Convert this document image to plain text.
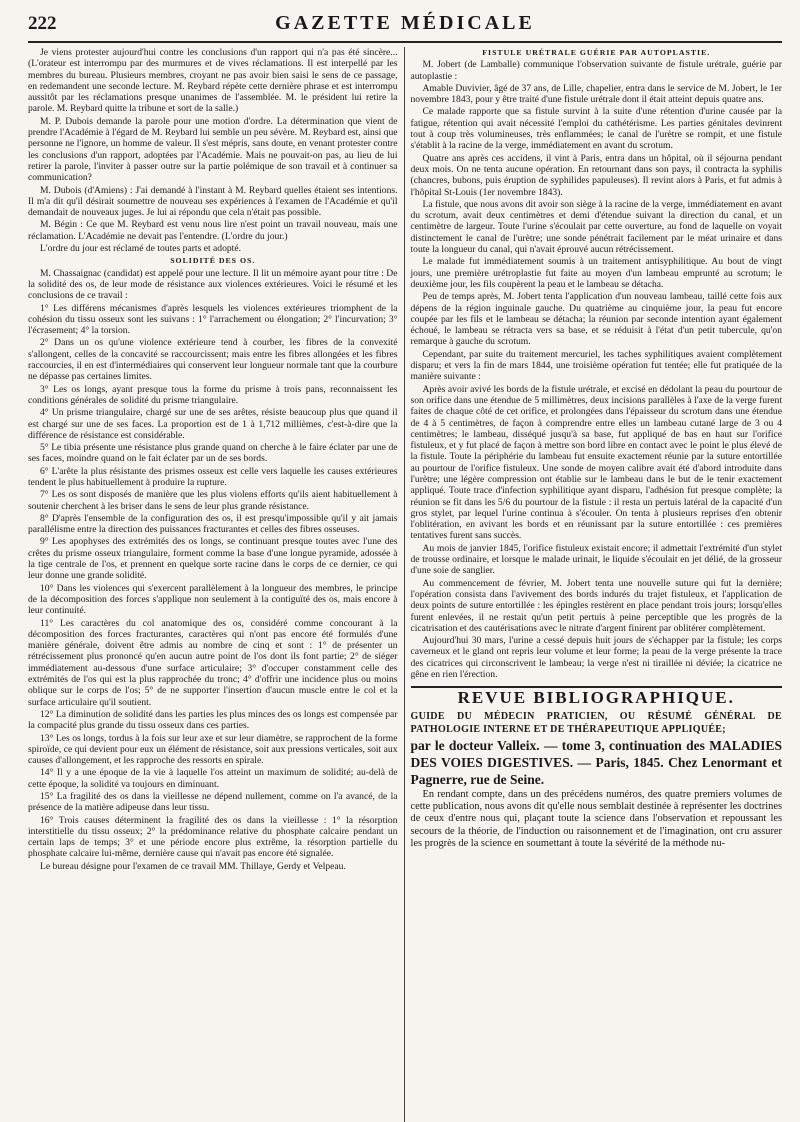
222	GAZETTE MÉDICALE

Je viens protester aujourd'hui contre les conclusions d'un rapport qui n'a pas été sincère... (L'orateur est interrompu par des murmures et de vives réclamations. Il est interpellé par les membres du bureau. Plusieurs membres, croyant ne pas avoir bien saisi le sens de ce passage, en redemandent une seconde lecture. M. Reybard répète cette dernière phrase et est interrompu aussitôt par les réclamations presque unanimes de l'assemblée. M. le président lui retire la parole. M. Reybard quitte la tribune et sort de la salle.)

M. P. Dubois demande la parole pour une motion d'ordre. La détermination que vient de prendre l'Académie à l'égard de M. Reybard lui semble un peu sévère. M. Reybard est, ainsi que personne ne l'ignore, un homme de valeur. Il s'est mépris, sans doute, en venant protester contre les conclusions d'un rapport, adoptées par l'Académie. Mais ne pouvait-on pas, au lieu de lui retirer la parole, l'inviter à passer outre sur la partie polémique de son travail et à continuer sa communication?

M. Dubois (d'Amiens) : J'ai demandé à l'instant à M. Reybard quelles étaient ses intentions. Il m'a dit qu'il désirait soumettre de nouveau ses expériences à l'examen de l'Académie et qu'il demandait de nouveaux juges. Je lui ai répondu que cela n'était pas possible.

M. Bégin : Ce que M. Reybard est venu nous lire n'est point un travail nouveau, mais une réclamation. L'Académie ne devait pas l'entendre. (L'ordre du jour.)

L'ordre du jour est réclamé de toutes parts et adopté.

SOLIDITÉ DES OS.

M. Chassaignac (candidat) est appelé pour une lecture. Il lit un mémoire ayant pour titre : De la solidité des os, de leur mode de résistance aux violences extérieures. Voici le résumé et les conclusions de ce travail :

1° Les différens mécanismes d'après lesquels les violences extérieures triomphent de la cohésion du tissu osseux sont les suivans : 1° l'arrachement ou élongation; 2° l'incurvation; 3° l'écrasement; 4° la torsion.

2° Dans un os qu'une violence extérieure tend à courber, les fibres de la convexité s'allongent, celles de la concavité se raccourcissent; mais entre les fibres allongées et les fibres raccourcies, il en est d'intermédiaires qui conservent leur longueur normale tant que la courbure ne dépasse pas certaines limites.

3° Les os longs, ayant presque tous la forme du prisme à trois pans, reconnaissent les conditions générales de solidité du prisme triangulaire.

4° Un prisme triangulaire, chargé sur une de ses arêtes, résiste beaucoup plus que quand il est chargé sur une de ses faces. La proportion est de 1 à 1,712 millièmes, c'est-à-dire que la différence de résistance est considérable.

5° Le tibia présente une résistance plus grande quand on cherche à le faire éclater par une de ses faces, moindre quand on le fait éclater par un de ses bords.

6° L'arête la plus résistante des prismes osseux est celle vers laquelle les causes extérieures tendent le plus habituellement à produire la rupture.

7° Les os sont disposés de manière que les plus violens efforts qu'ils aient habituellement à soutenir cherchent à les briser dans le sens de leur plus grande résistance.

8° D'après l'ensemble de la configuration des os, il est presqu'impossible qu'il y ait jamais parallélisme entre la direction des puissances fracturantes et celles des fibres osseuses.

9° Les apophyses des extrémités des os longs, se continuant presque toutes avec l'une des crêtes du prisme osseux triangulaire, forment comme la base d'une longue pyramide, adossée à la tige centrale de l'os, et prennent en quelque sorte racine dans le corps de ce dernier, ce qui leur donne une grande solidité.

10° Dans les violences qui s'exercent parallèlement à la longueur des membres, le principe de la décomposition des forces s'applique non seulement à la contiguïté des os, mais encore à leur continuité.

11° Les caractères du col anatomique des os, considéré comme concourant à la décomposition des forces fracturantes, caractères qui n'ont pas encore été formulés d'une manière générale, doivent être admis au nombre de cinq et sont : 1° de présenter un rétrécissement plus prononcé qu'en aucun autre point de l'os dont ils font partie; 2° de siéger immédiatement au-dessous d'une surface articulaire; 3° d'occuper constamment celle des extrémités de l'os qui est la plus rapprochée du tronc; 4° d'offrir une incidence plus ou moins oblique sur le corps de l'os; 5° de ne supporter l'insertion d'aucun muscle entre le col et la surface articulaire qu'il soutient.

12° La diminution de solidité dans les parties les plus minces des os longs est compensée par la compacité plus grande du tissu osseux dans ces parties.

13° Les os longs, tordus à la fois sur leur axe et sur leur diamètre, se rapprochent de la forme spiroïde, ce qui devient pour eux un élément de résistance, soit aux pressions verticales, soit aux causes d'allongement, et les rapproche des ressorts en spirale.

14° Il y a une époque de la vie à laquelle l'os atteint un maximum de solidité; au-delà de cette époque, la solidité va toujours en diminuant.

15° La fragilité des os dans la vieillesse ne dépend nullement, comme on l'a avancé, de la présence de la matière adipeuse dans leur tissu.

16° Trois causes déterminent la fragilité des os dans la vieillesse : 1° la résorption interstitielle du tissu osseux; 2° la prédominance relative du phosphate calcaire pendant un certain laps de temps; 3° et une période encore plus extrême, la résorption partielle du phosphate calcaire lui-même, dernière cause qui n'avait pas encore été signalée.

Le bureau désigne pour l'examen de ce travail MM. Thillaye, Gerdy et Velpeau.

FISTULE URÉTRALE GUÉRIE PAR AUTOPLASTIE.

M. Jobert (de Lamballe) communique l'observation suivante de fistule urétrale, guérie par autoplastie :

Amable Duvivier, âgé de 37 ans, de Lille, chapelier, entra dans le service de M. Jobert, le 1er novembre 1843, pour y être traité d'une fistule urétrale dont il était atteint depuis quatre ans.

Ce malade rapporte que sa fistule survint à la suite d'une rétention d'urine causée par la fatigue, rétention qui avait nécessité l'emploi du cathétérisme. Les parties génitales devinrent tout à coup très volumineuses, très enflammées; le canal de l'urètre se rompit, et une fistule s'établit à la racine de la verge, immédiatement en avant du scrotum.

Quatre ans après ces accidens, il vint à Paris, entra dans un hôpital, où il séjourna pendant deux mois. On ne tenta aucune opération. En retournant dans son pays, il contracta la syphilis (chancres, bubons, puis éruption de syphilides papuleuses). Il revint alors à Paris, et fut admis à l'hôpital St-Louis (1er novembre 1843).

La fistule, que nous avons dit avoir son siège à la racine de la verge, immédiatement en avant du scrotum, avait deux centimètres et demi d'étendue suivant la direction du canal, et un centimètre de largeur. Toute l'urine s'écoulait par cette ouverture, au fond de laquelle on voyait distinctement le canal de l'urètre; une sonde pénétrait facilement par le méat urinaire et dans toute la longueur du canal, qui n'avait éprouvé aucun rétrécissement.

Le malade fut immédiatement soumis à un traitement antisyphilitique. Au bout de vingt jours, une première urétroplastie fut faite au moyen d'un lambeau emprunté au scrotum; le deuxième jour, les fils coupèrent la peau et le lambeau se détacha.

Peu de temps après, M. Jobert tenta l'application d'un nouveau lambeau, taillé cette fois aux dépens de la région inguinale gauche. Du quatrième au cinquième jour, la peau fut encore coupée par les fils et le lambeau se détacha; la réunion par seconde intention ayant également échoué, le lambeau se rétracta vers sa base, et se réduisit à l'état d'un petit tubercule, qu'on remarque à gauche du scrotum.

Cependant, par suite du traitement mercuriel, les taches syphilitiques avaient complètement disparu; et vers la fin de mars 1844, une troisième opération fut tentée; elle fut pratiquée de la manière suivante :

Après avoir avivé les bords de la fistule urétrale, et excisé en dédolant la peau du pourtour de son orifice dans une étendue de 5 millimètres, deux incisions parallèles à l'axe de la verge furent faites de chaque côté de cet orifice, et prolongées dans l'épaisseur du scrotum dans une étendue de 4 à 5 centimètres, de façon à comprendre entre elles un lambeau cutané large de 3 ou 4 centimètres; le lambeau, disséqué jusqu'à sa base, fut appliqué de bas en haut sur l'orifice fistuleux, et y fut placé de façon à mettre son bord libre en contact avec le point le plus élevé de la fistule. Toute la périphérie du lambeau fut ensuite exactement réunie par la suture entortillée au pourtour de l'orifice fistuleux. Une sonde de moyen calibre avait été d'abord introduite dans l'urètre; une légère compression ont établie sur le lambeau dans le but de le tenir exactement appliqué. Toute trace d'infection syphilitique ayant disparu, l'adhésion fut presque complète; la réunion se fit dans les 5/6 du pourtour de la fistule : il resta un pertuis latéral de la capacité d'un gros stylet, par lequel l'urine continua à s'écouler. On tenta à plusieurs reprises d'en obtenir l'oblitération, en avivant les bords et en réunissant par la suture entortillée : ces premières tentatives furent sans succès.

Au mois de janvier 1845, l'orifice fistuleux existait encore; il admettait l'extrémité d'un stylet de trousse ordinaire, et lorsque le malade urinait, le liquide s'écoulait en jet délié, de la grosseur d'une soie de sanglier.

Au commencement de février, M. Jobert tenta une nouvelle suture qui fut la dernière; l'opération consista dans l'avivement des bords indurés du trajet fistuleux, et l'application de deux points de suture entortillée : les épingles restèrent en place pendant trois jours; lorsqu'elles furent enlevées, il ne restait qu'un petit pertuis à peine perceptible que les progrès de la cicatrisation et des cautérisations avec le nitrate d'argent finirent par oblitérer complètement.

Aujourd'hui 30 mars, l'urine a cessé depuis huit jours de s'échapper par la fistule; les corps caverneux et le gland ont repris leur volume et leur forme; la peau de la verge présente la trace des cicatrices qui circonscrivent le lambeau; la verge n'est ni tiraillée ni déviée; la cicatrice ne gêne en rien l'érection.

REVUE BIBLIOGRAPHIQUE.

GUIDE DU MÉDECIN PRATICIEN, OU RÉSUMÉ GÉNÉRAL DE PATHOLOGIE INTERNE ET DE THÉRAPEUTIQUE APPLIQUÉE;

par le docteur Valleix. — tome 3, continuation des MALADIES DES VOIES DIGESTIVES. — Paris, 1845. Chez Lenormant et Pagnerre, rue de Seine.

En rendant compte, dans un des précédens numéros, des quatre premiers volumes de cette publication, nous avons dit qu'elle nous semblait destinée à représenter les doctrines de ceux d'entre nous qui, plaçant toute la science dans l'observation et repoussant les secours de la théorie, de l'induction ou raisonnement et de l'imagination, ont cru assurer les progrès de la science en soumettant à toute la sévérité de la méthode nu-
